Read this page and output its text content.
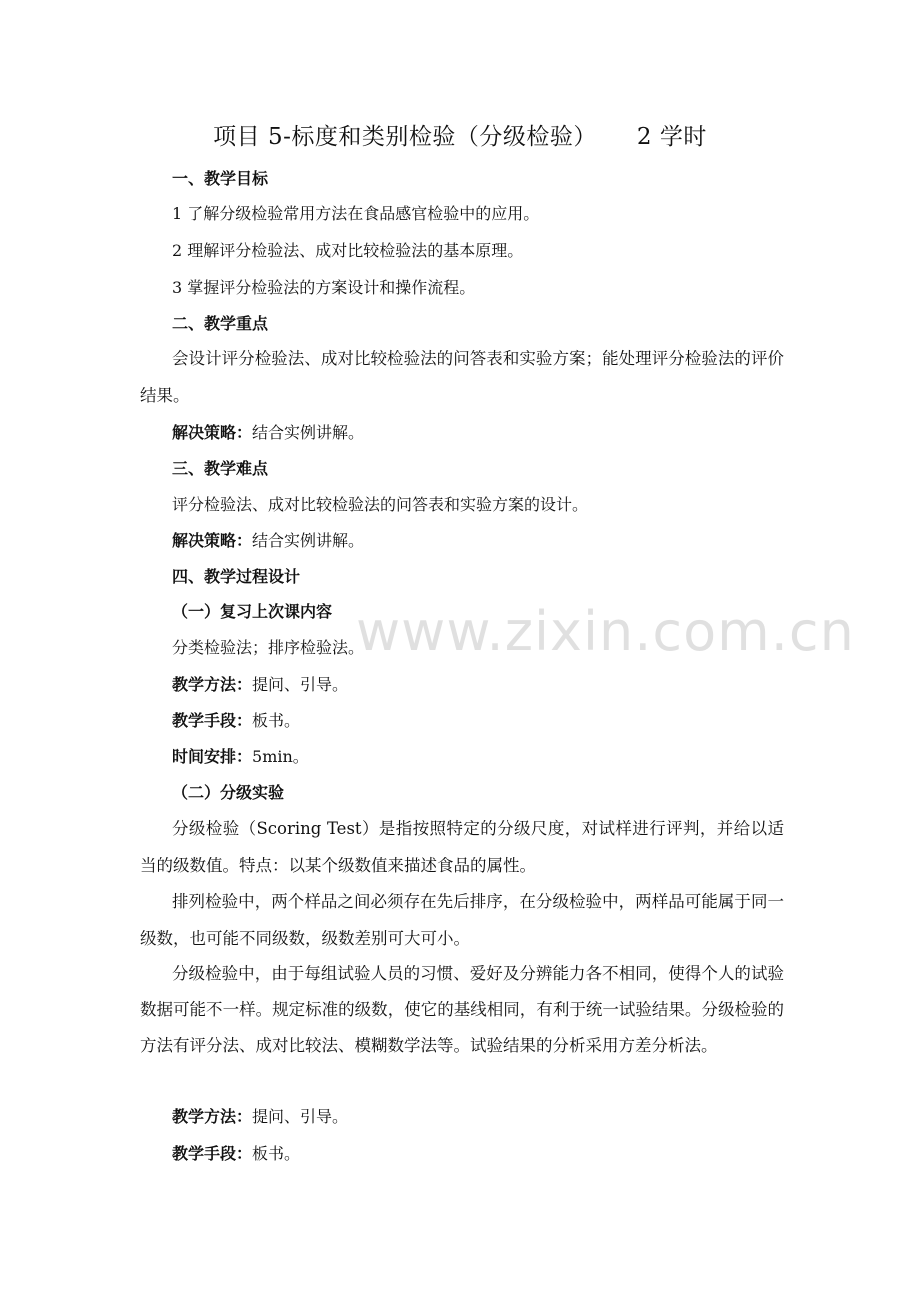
项目 5-标度和类别检验（分级检验） 2 学时
一、教学目标
1 了解分级检验常用方法在食品感官检验中的应用。
2 理解评分检验法、成对比较检验法的基本原理。
3 掌握评分检验法的方案设计和操作流程。
二、教学重点

会设计评分检验法、成对比较检验法的问答表和实验方案；能处理评分检验法的评价结果。

解决策略：结合实例讲解。
三、教学难点
评分检验法、成对比较检验法的问答表和实验方案的设计。
解决策略：结合实例讲解。
四、教学过程设计
（一）复习上次课内容
分类检验法；排序检验法。
教学方法：提问、引导。
教学手段：板书。
时间安排：5min。
（二）分级实验

分级检验（Scoring Test）是指按照特定的分级尺度，对试样进行评判，并给以适当的级数值。特点：以某个级数值来描述食品的属性。

排列检验中，两个样品之间必须存在先后排序，在分级检验中，两样品可能属于同一级数，也可能不同级数，级数差别可大可小。

分级检验中，由于每组试验人员的习惯、爱好及分辨能力各不相同，使得个人的试验数据可能不一样。规定标准的级数，使它的基线相同，有利于统一试验结果。分级检验的方法有评分法、成对比较法、模糊数学法等。试验结果的分析采用方差分析法。

教学方法：提问、引导。
教学手段：板书。
www.zixin.com.cn
